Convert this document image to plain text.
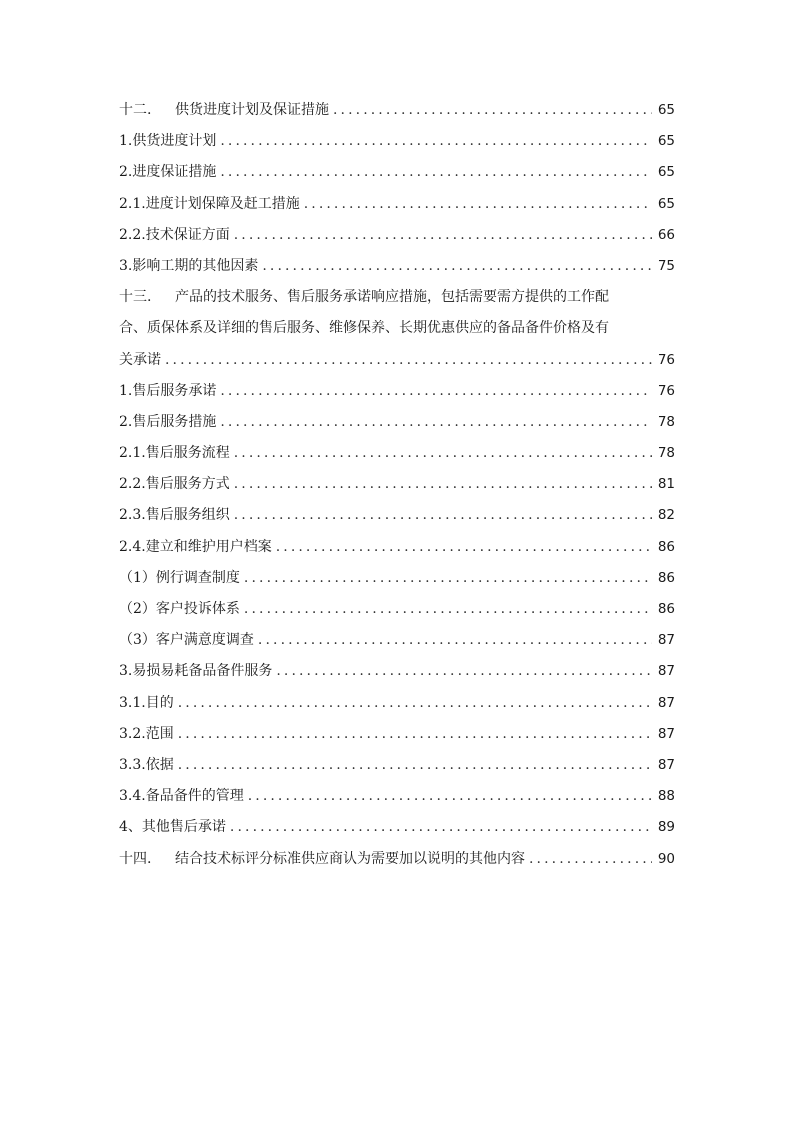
十二. 供货进度计划及保证措施 .....	65
1.供货进度计划 .....	65
2.进度保证措施 .....	65
2.1.进度计划保障及赶工措施 .....	65
2.2.技术保证方面 .....	66
3.影响工期的其他因素 .....	75
十三. 产品的技术服务、售后服务承诺响应措施，包括需要需方提供的工作配
合、质保体系及详细的售后服务、维修保养、长期优惠供应的备品备件价格及有
关承诺 .....	76
1.售后服务承诺 .....	76
2.售后服务措施 .....	78
2.1.售后服务流程 .....	78
2.2.售后服务方式 .....	81
2.3.售后服务组织 .....	82
2.4.建立和维护用户档案 .....	86
（1）例行调查制度 .....	86
（2）客户投诉体系 .....	86
（3）客户满意度调查 .....	87
3.易损易耗备品备件服务 .....	87
3.1.目的 .....	87
3.2.范围 .....	87
3.3.依据 .....	87
3.4.备品备件的管理 .....	88
4、其他售后承诺 .....	89
十四. 结合技术标评分标准供应商认为需要加以说明的其他内容 .....	90
